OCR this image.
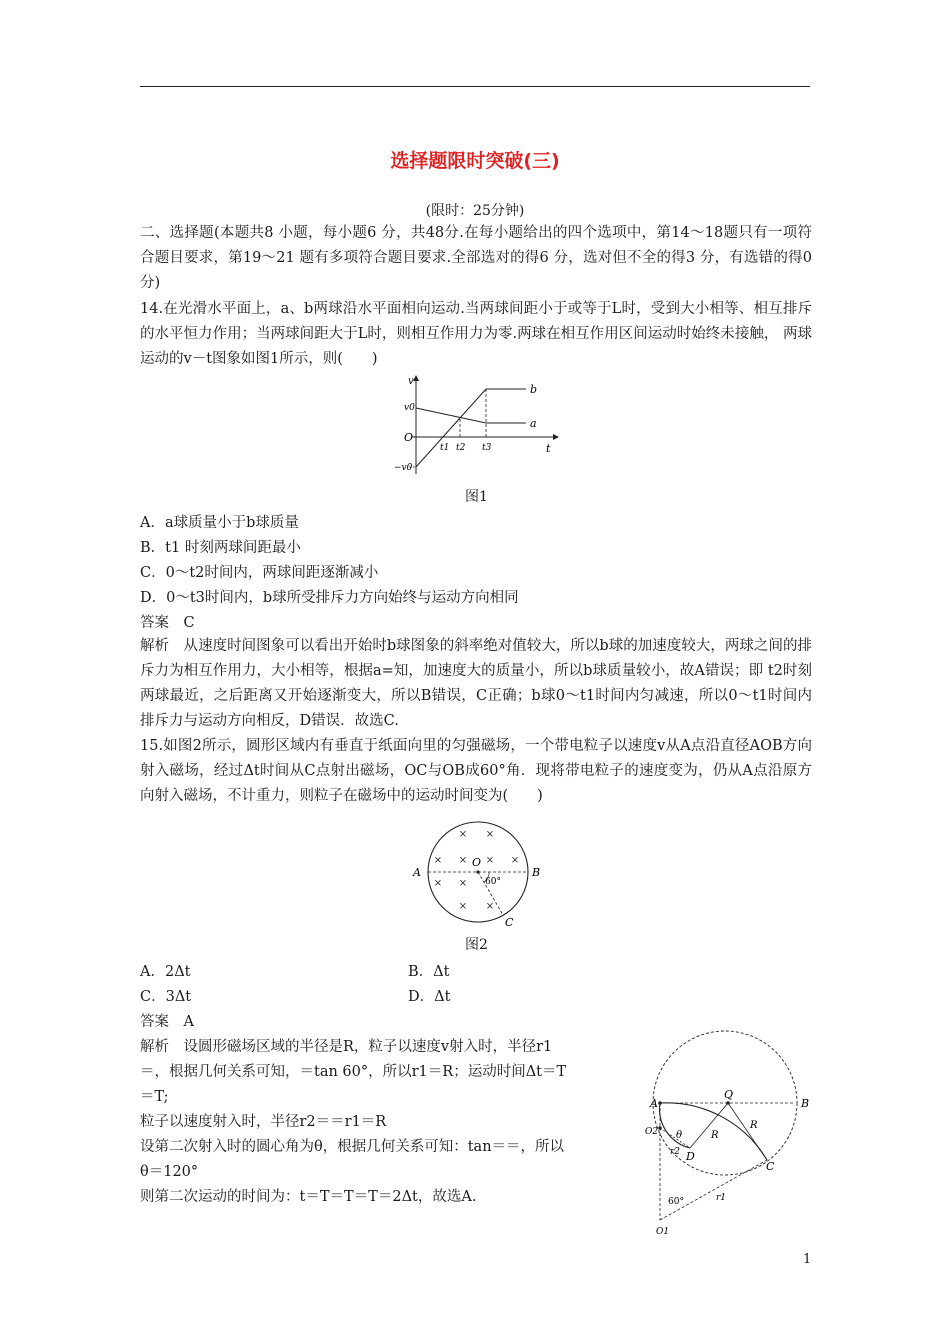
选择题限时突破(三)
(限时：25分钟)

二、选择题(本题共8 小题，每小题6 分，共48分.在每小题给出的四个选项中，第14～18题只有一项符合题目要求，第19～21 题有多项符合题目要求.全部选对的得6 分，选对但不全的得3 分，有选错的得0 分)

14.在光滑水平面上，a、b两球沿水平面相向运动.当两球间距小于或等于L时，受到大小相等、相互排斥的水平恒力作用；当两球间距大于L时，则相互作用力为零.两球在相互作用区间运动时始终未接触， 两球运动的v－t图象如图1所示，则(　　)

v
v0
O
−v0
t1 t2 t3	t
a
b
图1
A．a球质量小于b球质量
B．t1 时刻两球间距最小
C．0～t2时间内，两球间距逐渐减小
D．0～t3时间内，b球所受排斥力方向始终与运动方向相同
答案　C

解析　从速度时间图象可以看出开始时b球图象的斜率绝对值较大，所以b球的加速度较大，两球之间的排斥力为相互作用力，大小相等，根据a=知，加速度大的质量小，所以b球质量较小，故A错误；即 t2时刻两球最近，之后距离又开始逐渐变大，所以B错误，C正确；b球0～t1时间内匀减速，所以0～t1时间内排斥力与运动方向相反，D错误．故选C.

15.如图2所示，圆形区域内有垂直于纸面向里的匀强磁场，一个带电粒子以速度v从A点沿直径AOB方向射入磁场，经过Δt时间从C点射出磁场，OC与OB成60°角．现将带电粒子的速度变为，仍从A点沿原方向射入磁场，不计重力，则粒子在磁场中的运动时间变为(　　)

× ×
× × × ×
× ×
× ×
A	B
O
C
60°
图2
A．2Δt	B．Δt
C．3Δt	D．Δt
答案　A
解析　设圆形磁场区域的半径是R，粒子以速度v射入时，半径r1
＝，根据几何关系可知，＝tan 60°，所以r1＝R；运动时间Δt＝T
＝T;
粒子以速度射入时，半径r2＝＝r1＝R
设第二次射入时的圆心角为θ，根据几何关系可知：tan＝＝，所以
θ＝120°
则第二次运动的时间为：t＝T＝T＝T＝2Δt，故选A.
A	B
Q
R
R
O2 θ
r2 D
C
60°	r1
O1
1
